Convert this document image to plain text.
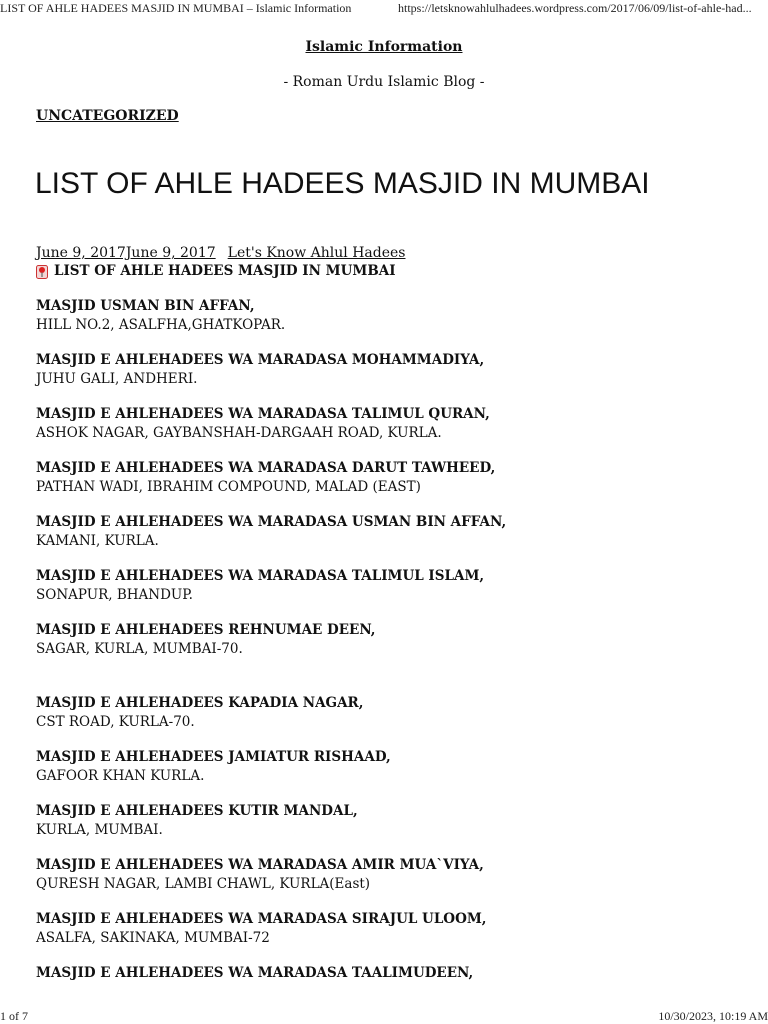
LIST OF AHLE HADEES MASJID IN MUMBAI – Islamic Information	https://letsknowahlulhadees.wordpress.com/2017/06/09/list-of-ahle-had...
Islamic Information
- Roman Urdu Islamic Blog -
UNCATEGORIZED
LIST OF AHLE HADEES MASJID IN MUMBAI
June 9, 2017June 9, 2017 Let's Know Ahlul Hadees
LIST OF AHLE HADEES MASJID IN MUMBAI
MASJID USMAN BIN AFFAN,
HILL NO.2, ASALFHA,GHATKOPAR.
MASJID E AHLEHADEES WA MARADASA MOHAMMADIYA,
JUHU GALI, ANDHERI.
MASJID E AHLEHADEES WA MARADASA TALIMUL QURAN,
ASHOK NAGAR, GAYBANSHAH-DARGAAH ROAD, KURLA.
MASJID E AHLEHADEES WA MARADASA DARUT TAWHEED,
PATHAN WADI, IBRAHIM COMPOUND, MALAD (EAST)
MASJID E AHLEHADEES WA MARADASA USMAN BIN AFFAN,
KAMANI, KURLA.
MASJID E AHLEHADEES WA MARADASA TALIMUL ISLAM,
SONAPUR, BHANDUP.
MASJID E AHLEHADEES REHNUMAE DEEN,
SAGAR, KURLA, MUMBAI-70.
MASJID E AHLEHADEES KAPADIA NAGAR,
CST ROAD, KURLA-70.
MASJID E AHLEHADEES JAMIATUR RISHAAD,
GAFOOR KHAN KURLA.
MASJID E AHLEHADEES KUTIR MANDAL,
KURLA, MUMBAI.
MASJID E AHLEHADEES WA MARADASA AMIR MUA`VIYA,
QURESH NAGAR, LAMBI CHAWL, KURLA(East)
MASJID E AHLEHADEES WA MARADASA SIRAJUL ULOOM,
ASALFA, SAKINAKA, MUMBAI-72
MASJID E AHLEHADEES WA MARADASA TAALIMUDEEN,
1 of 7	10/30/2023, 10:19 AM
